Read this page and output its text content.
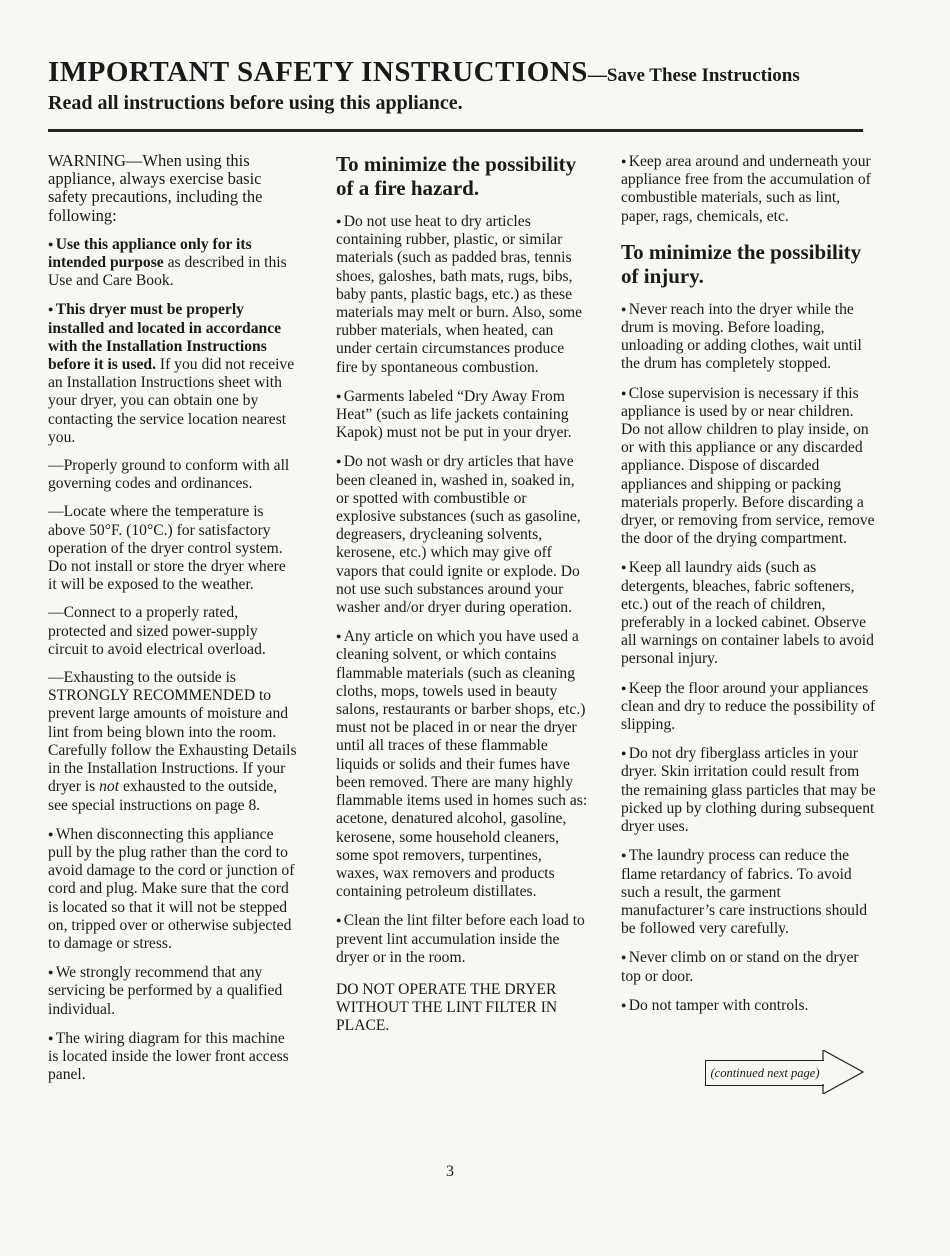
IMPORTANT SAFETY INSTRUCTIONS—Save These Instructions
Read all instructions before using this appliance.

WARNING—When using this appliance, always exercise basic safety precautions, including the following:

● Use this appliance only for its intended purpose as described in this Use and Care Book.

● This dryer must be properly installed and located in accordance with the Installation Instructions before it is used. If you did not receive an Installation Instructions sheet with your dryer, you can obtain one by contacting the service location nearest you.

—Properly ground to conform with all governing codes and ordinances.

—Locate where the temperature is above 50°F. (10°C.) for satisfactory operation of the dryer control system. Do not install or store the dryer where it will be exposed to the weather.

—Connect to a properly rated, protected and sized power-supply circuit to avoid electrical overload.

—Exhausting to the outside is STRONGLY RECOMMENDED to prevent large amounts of moisture and lint from being blown into the room. Carefully follow the Exhausting Details in the Installation Instructions. If your dryer is not exhausted to the outside, see special instructions on page 8.

● When disconnecting this appliance pull by the plug rather than the cord to avoid damage to the cord or junction of cord and plug. Make sure that the cord is located so that it will not be stepped on, tripped over or otherwise subjected to damage or stress.

● We strongly recommend that any servicing be performed by a qualified individual.

● The wiring diagram for this machine is located inside the lower front access panel.

To minimize the possibility of a fire hazard.

● Do not use heat to dry articles containing rubber, plastic, or similar materials (such as padded bras, tennis shoes, galoshes, bath mats, rugs, bibs, baby pants, plastic bags, etc.) as these materials may melt or burn. Also, some rubber materials, when heated, can under certain circumstances produce fire by spontaneous combustion.

● Garments labeled “Dry Away From Heat” (such as life jackets containing Kapok) must not be put in your dryer.

● Do not wash or dry articles that have been cleaned in, washed in, soaked in, or spotted with combustible or explosive substances (such as gasoline, degreasers, drycleaning solvents, kerosene, etc.) which may give off vapors that could ignite or explode. Do not use such substances around your washer and/or dryer during operation.

● Any article on which you have used a cleaning solvent, or which contains flammable materials (such as cleaning cloths, mops, towels used in beauty salons, restaurants or barber shops, etc.) must not be placed in or near the dryer until all traces of these flammable liquids or solids and their fumes have been removed. There are many highly flammable items used in homes such as: acetone, denatured alcohol, gasoline, kerosene, some household cleaners, some spot removers, turpentines, waxes, wax removers and products containing petroleum distillates.

● Clean the lint filter before each load to prevent lint accumulation inside the dryer or in the room.

DO NOT OPERATE THE DRYER WITHOUT THE LINT FILTER IN PLACE.

● Keep area around and underneath your appliance free from the accumulation of combustible materials, such as lint, paper, rags, chemicals, etc.

To minimize the possibility of injury.

● Never reach into the dryer while the drum is moving. Before loading, unloading or adding clothes, wait until the drum has completely stopped.

● Close supervision is necessary if this appliance is used by or near children. Do not allow children to play inside, on or with this appliance or any discarded appliance. Dispose of discarded appliances and shipping or packing materials properly. Before discarding a dryer, or removing from service, remove the door of the drying compartment.

● Keep all laundry aids (such as detergents, bleaches, fabric softeners, etc.) out of the reach of children, preferably in a locked cabinet. Observe all warnings on container labels to avoid personal injury.

● Keep the floor around your appliances clean and dry to reduce the possibility of slipping.

● Do not dry fiberglass articles in your dryer. Skin irritation could result from the remaining glass particles that may be picked up by clothing during subsequent dryer uses.

● The laundry process can reduce the flame retardancy of fabrics. To avoid such a result, the garment manufacturer’s care instructions should be followed very carefully.

● Never climb on or stand on the dryer top or door.

● Do not tamper with controls.

(continued next page)
3
